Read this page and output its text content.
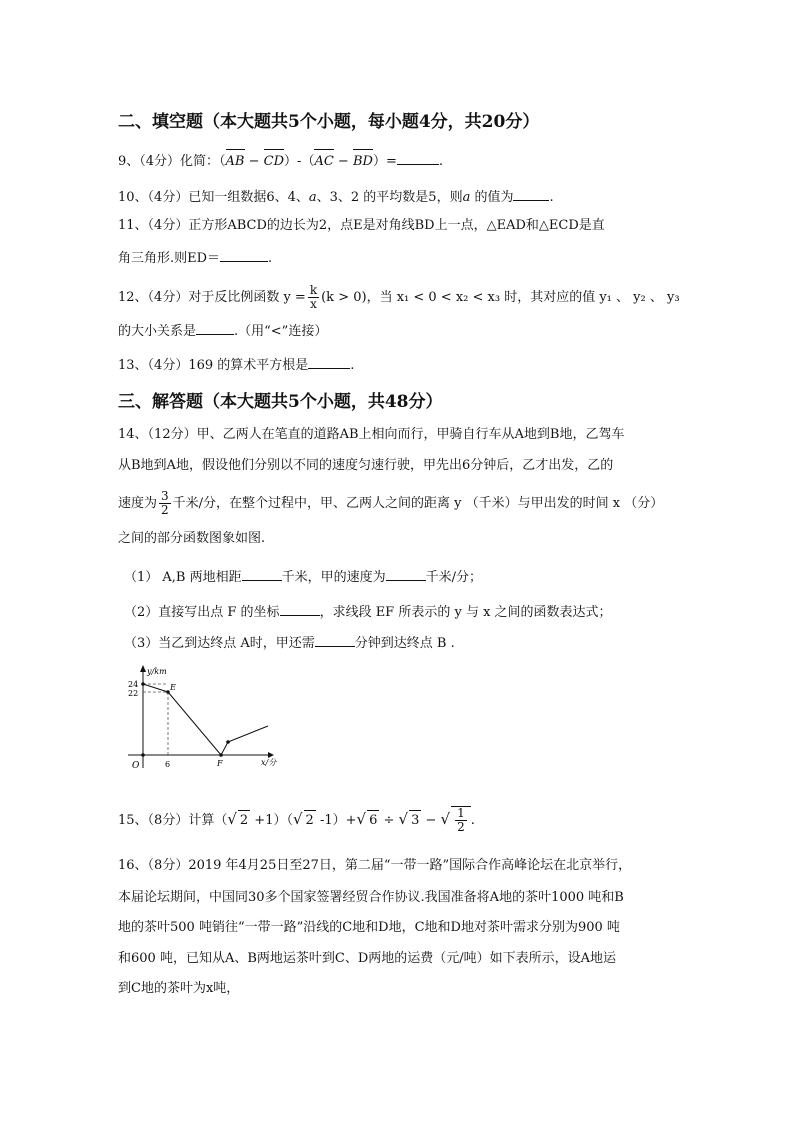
二、填空题（本大题共5个小题，每小题4分，共20分）
9、（4分）化简：（AB − CD）-（AC − BD）=	.
10、（4分）已知一组数据6、4、a、3、2 的平均数是5，则a 的值为	.
11、（4分）正方形ABCD的边长为2，点E是对角线BD上一点，△EAD和△ECD是直
角三角形.则ED＝	.
12、（4分）对于反比例函数 $y = \frac{k}{x} (k > 0)$，当 x₁ < 0 < x₂ < x₃ 时，其对应的值 y₁ 、 y₂ 、 y₃
的大小关系是	.（用“<”连接）
13、（4分）169 的算术平方根是	.
三、解答题（本大题共5个小题，共48分）
14、（12分）甲、乙两人在笔直的道路AB上相向而行，甲骑自行车从A地到B地，乙驾车
从B地到A地，假设他们分别以不同的速度匀速行驶，甲先出6分钟后，乙才出发，乙的
速度为 $\frac{3}{2}$ 千米/分，在整个过程中，甲、乙两人之间的距离 y （千米）与甲出发的时间 x （分）
之间的部分函数图象如图.
（1） A,B 两地相距	千米，甲的速度为	千米/分；
（2）直接写出点 F 的坐标	，求线段 EF 所表示的 y 与 x 之间的函数表达式；
（3）当乙到达终点 A时，甲还需	分钟到达终点 B .
y/km
24
22
6
O
E
F	x/分
15、（8分）计算（√ 2 +1）（√ 2 -1）+√ 6 ÷ √ 3 − √ $\frac{1}{2}$ .
16、（8分）2019 年4月25日至27日，第二届“一带一路”国际合作高峰论坛在北京举行，
本届论坛期间，中国同30多个国家签署经贸合作协议.我国准备将A地的茶叶1000 吨和B
地的茶叶500 吨销往“一带一路”沿线的C地和D地，C地和D地对茶叶需求分别为900 吨
和600 吨，已知从A、B两地运茶叶到C、D两地的运费（元/吨）如下表所示，设A地运
到C地的茶叶为x吨，
